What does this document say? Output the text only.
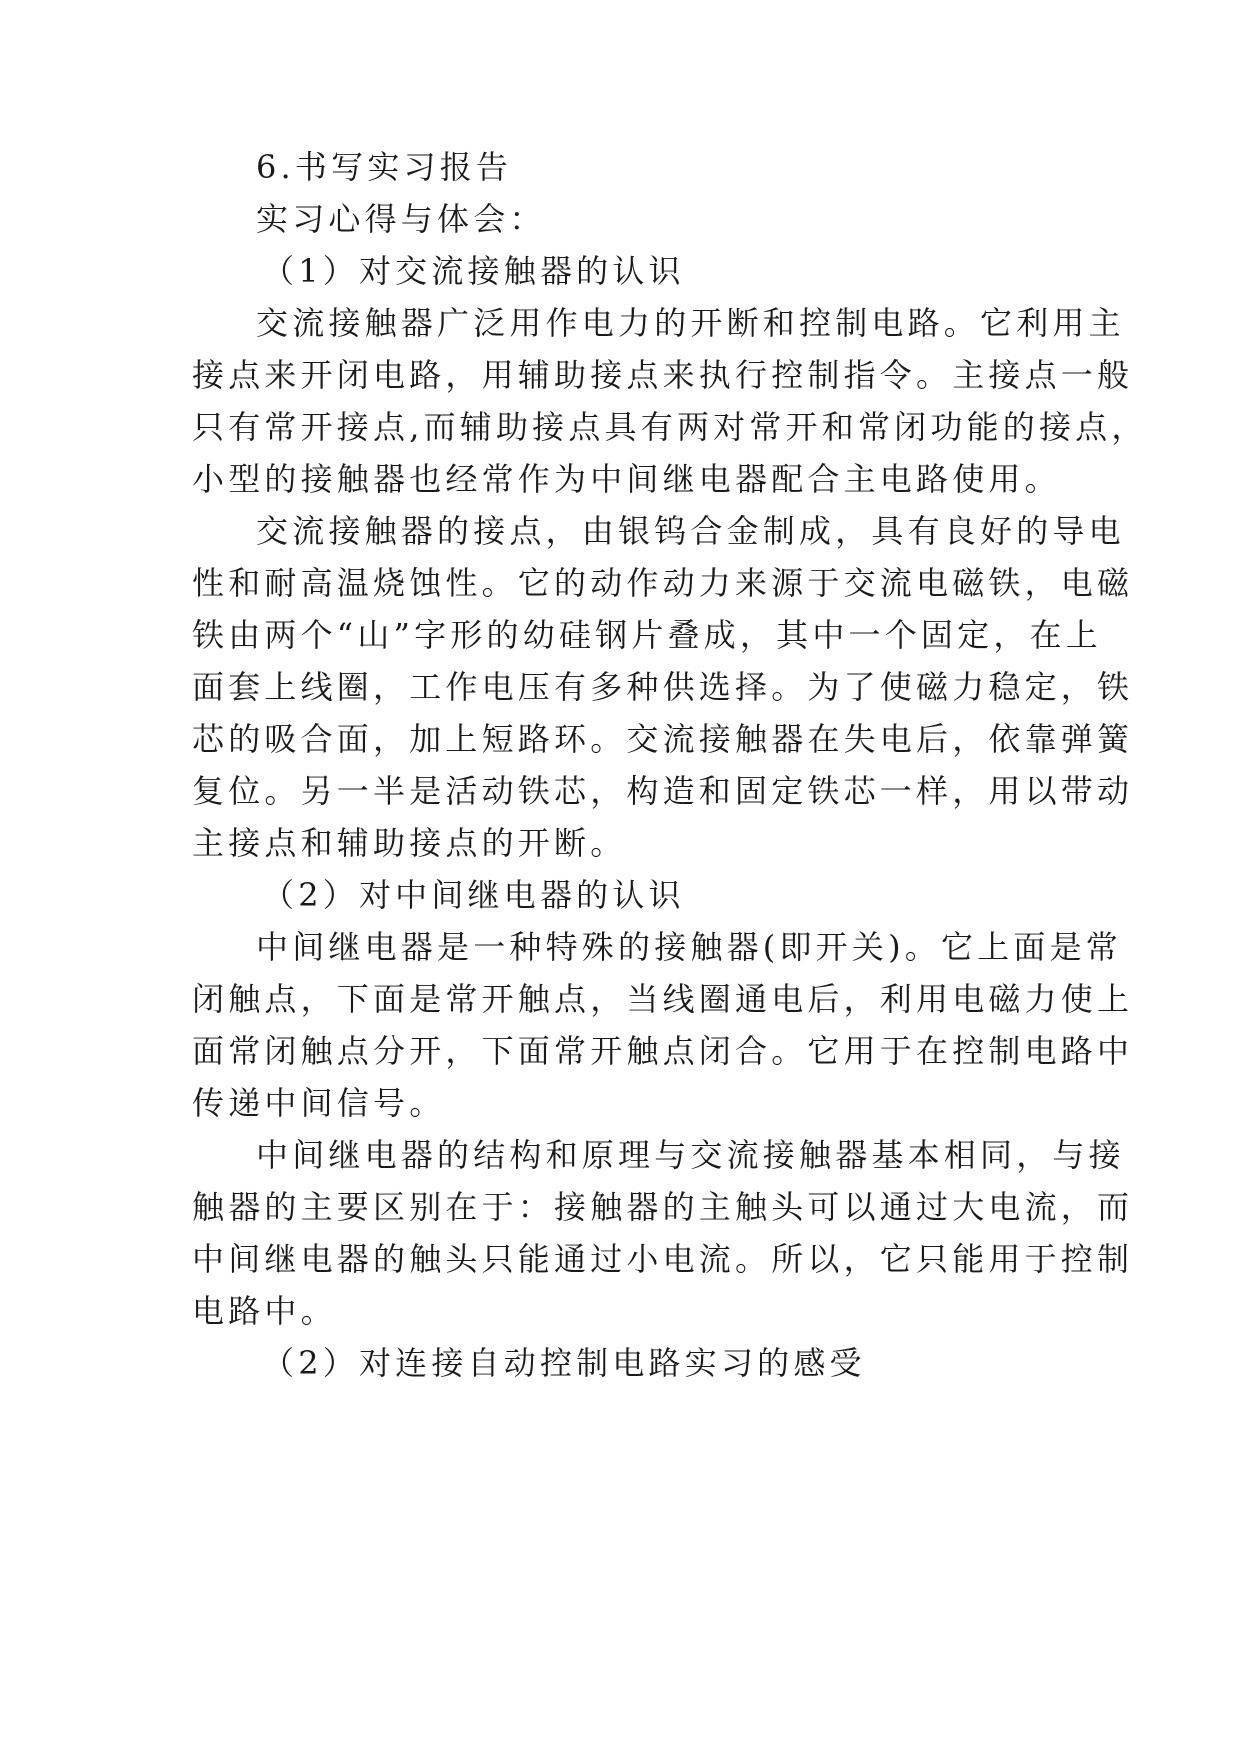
6.书写实习报告
实习心得与体会：
（1）对交流接触器的认识
交流接触器广泛用作电力的开断和控制电路。它利用主
接点来开闭电路，用辅助接点来执行控制指令。主接点一般
只有常开接点,而辅助接点具有两对常开和常闭功能的接点，
小型的接触器也经常作为中间继电器配合主电路使用。
交流接触器的接点，由银钨合金制成，具有良好的导电
性和耐高温烧蚀性。它的动作动力来源于交流电磁铁，电磁
铁由两个“山”字形的幼硅钢片叠成，其中一个固定，在上
面套上线圈，工作电压有多种供选择。为了使磁力稳定，铁
芯的吸合面，加上短路环。交流接触器在失电后，依靠弹簧
复位。另一半是活动铁芯，构造和固定铁芯一样，用以带动
主接点和辅助接点的开断。
（2）对中间继电器的认识
中间继电器是一种特殊的接触器(即开关)。它上面是常
闭触点，下面是常开触点，当线圈通电后，利用电磁力使上
面常闭触点分开，下面常开触点闭合。它用于在控制电路中
传递中间信号。
中间继电器的结构和原理与交流接触器基本相同，与接
触器的主要区别在于：接触器的主触头可以通过大电流，而
中间继电器的触头只能通过小电流。所以，它只能用于控制
电路中。
（2）对连接自动控制电路实习的感受
